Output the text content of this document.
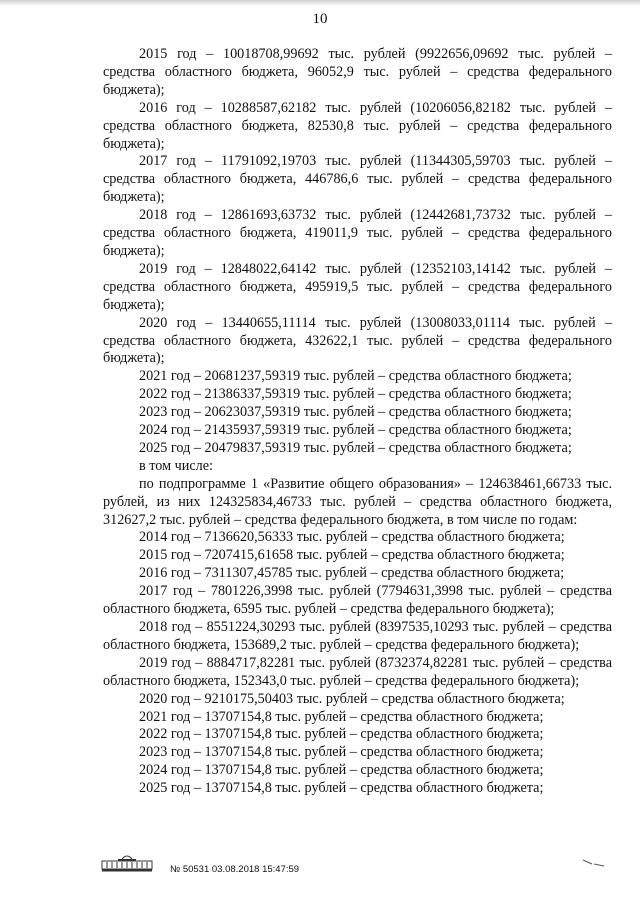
10

2015 год – 10018708,99692 тыс. рублей (9922656,09692 тыс. рублей – средства областного бюджета, 96052,9 тыс. рублей – средства федерального бюджета);

2016 год – 10288587,62182 тыс. рублей (10206056,82182 тыс. рублей – средства областного бюджета, 82530,8 тыс. рублей – средства федерального бюджета);

2017 год – 11791092,19703 тыс. рублей (11344305,59703 тыс. рублей – средства областного бюджета, 446786,6 тыс. рублей – средства федерального бюджета);

2018 год – 12861693,63732 тыс. рублей (12442681,73732 тыс. рублей – средства областного бюджета, 419011,9 тыс. рублей – средства федерального бюджета);

2019 год – 12848022,64142 тыс. рублей (12352103,14142 тыс. рублей – средства областного бюджета, 495919,5 тыс. рублей – средства федерального бюджета);

2020 год – 13440655,11114 тыс. рублей (13008033,01114 тыс. рублей – средства областного бюджета, 432622,1 тыс. рублей – средства федерального бюджета);

2021 год – 20681237,59319 тыс. рублей – средства областного бюджета;

2022 год – 21386337,59319 тыс. рублей – средства областного бюджета;

2023 год – 20623037,59319 тыс. рублей – средства областного бюджета;

2024 год – 21435937,59319 тыс. рублей – средства областного бюджета;

2025 год – 20479837,59319 тыс. рублей – средства областного бюджета;

в том числе:

по подпрограмме 1 «Развитие общего образования» – 124638461,66733 тыс. рублей, из них 124325834,46733 тыс. рублей – средства областного бюджета, 312627,2 тыс. рублей – средства федерального бюджета, в том числе по годам:

2014 год – 7136620,56333 тыс. рублей – средства областного бюджета;

2015 год – 7207415,61658 тыс. рублей – средства областного бюджета;

2016 год – 7311307,45785 тыс. рублей – средства областного бюджета;

2017 год – 7801226,3998 тыс. рублей (7794631,3998 тыс. рублей – средства областного бюджета, 6595 тыс. рублей – средства федерального бюджета);

2018 год – 8551224,30293 тыс. рублей (8397535,10293 тыс. рублей – средства областного бюджета, 153689,2 тыс. рублей – средства федерального бюджета);

2019 год – 8884717,82281 тыс. рублей (8732374,82281 тыс. рублей – средства областного бюджета, 152343,0 тыс. рублей – средства федерального бюджета);

2020 год – 9210175,50403 тыс. рублей – средства областного бюджета;

2021 год – 13707154,8 тыс. рублей – средства областного бюджета;

2022 год – 13707154,8 тыс. рублей – средства областного бюджета;

2023 год – 13707154,8 тыс. рублей – средства областного бюджета;

2024 год – 13707154,8 тыс. рублей – средства областного бюджета;

2025 год – 13707154,8 тыс. рублей – средства областного бюджета;

№ 50531 03.08.2018 15:47:59
